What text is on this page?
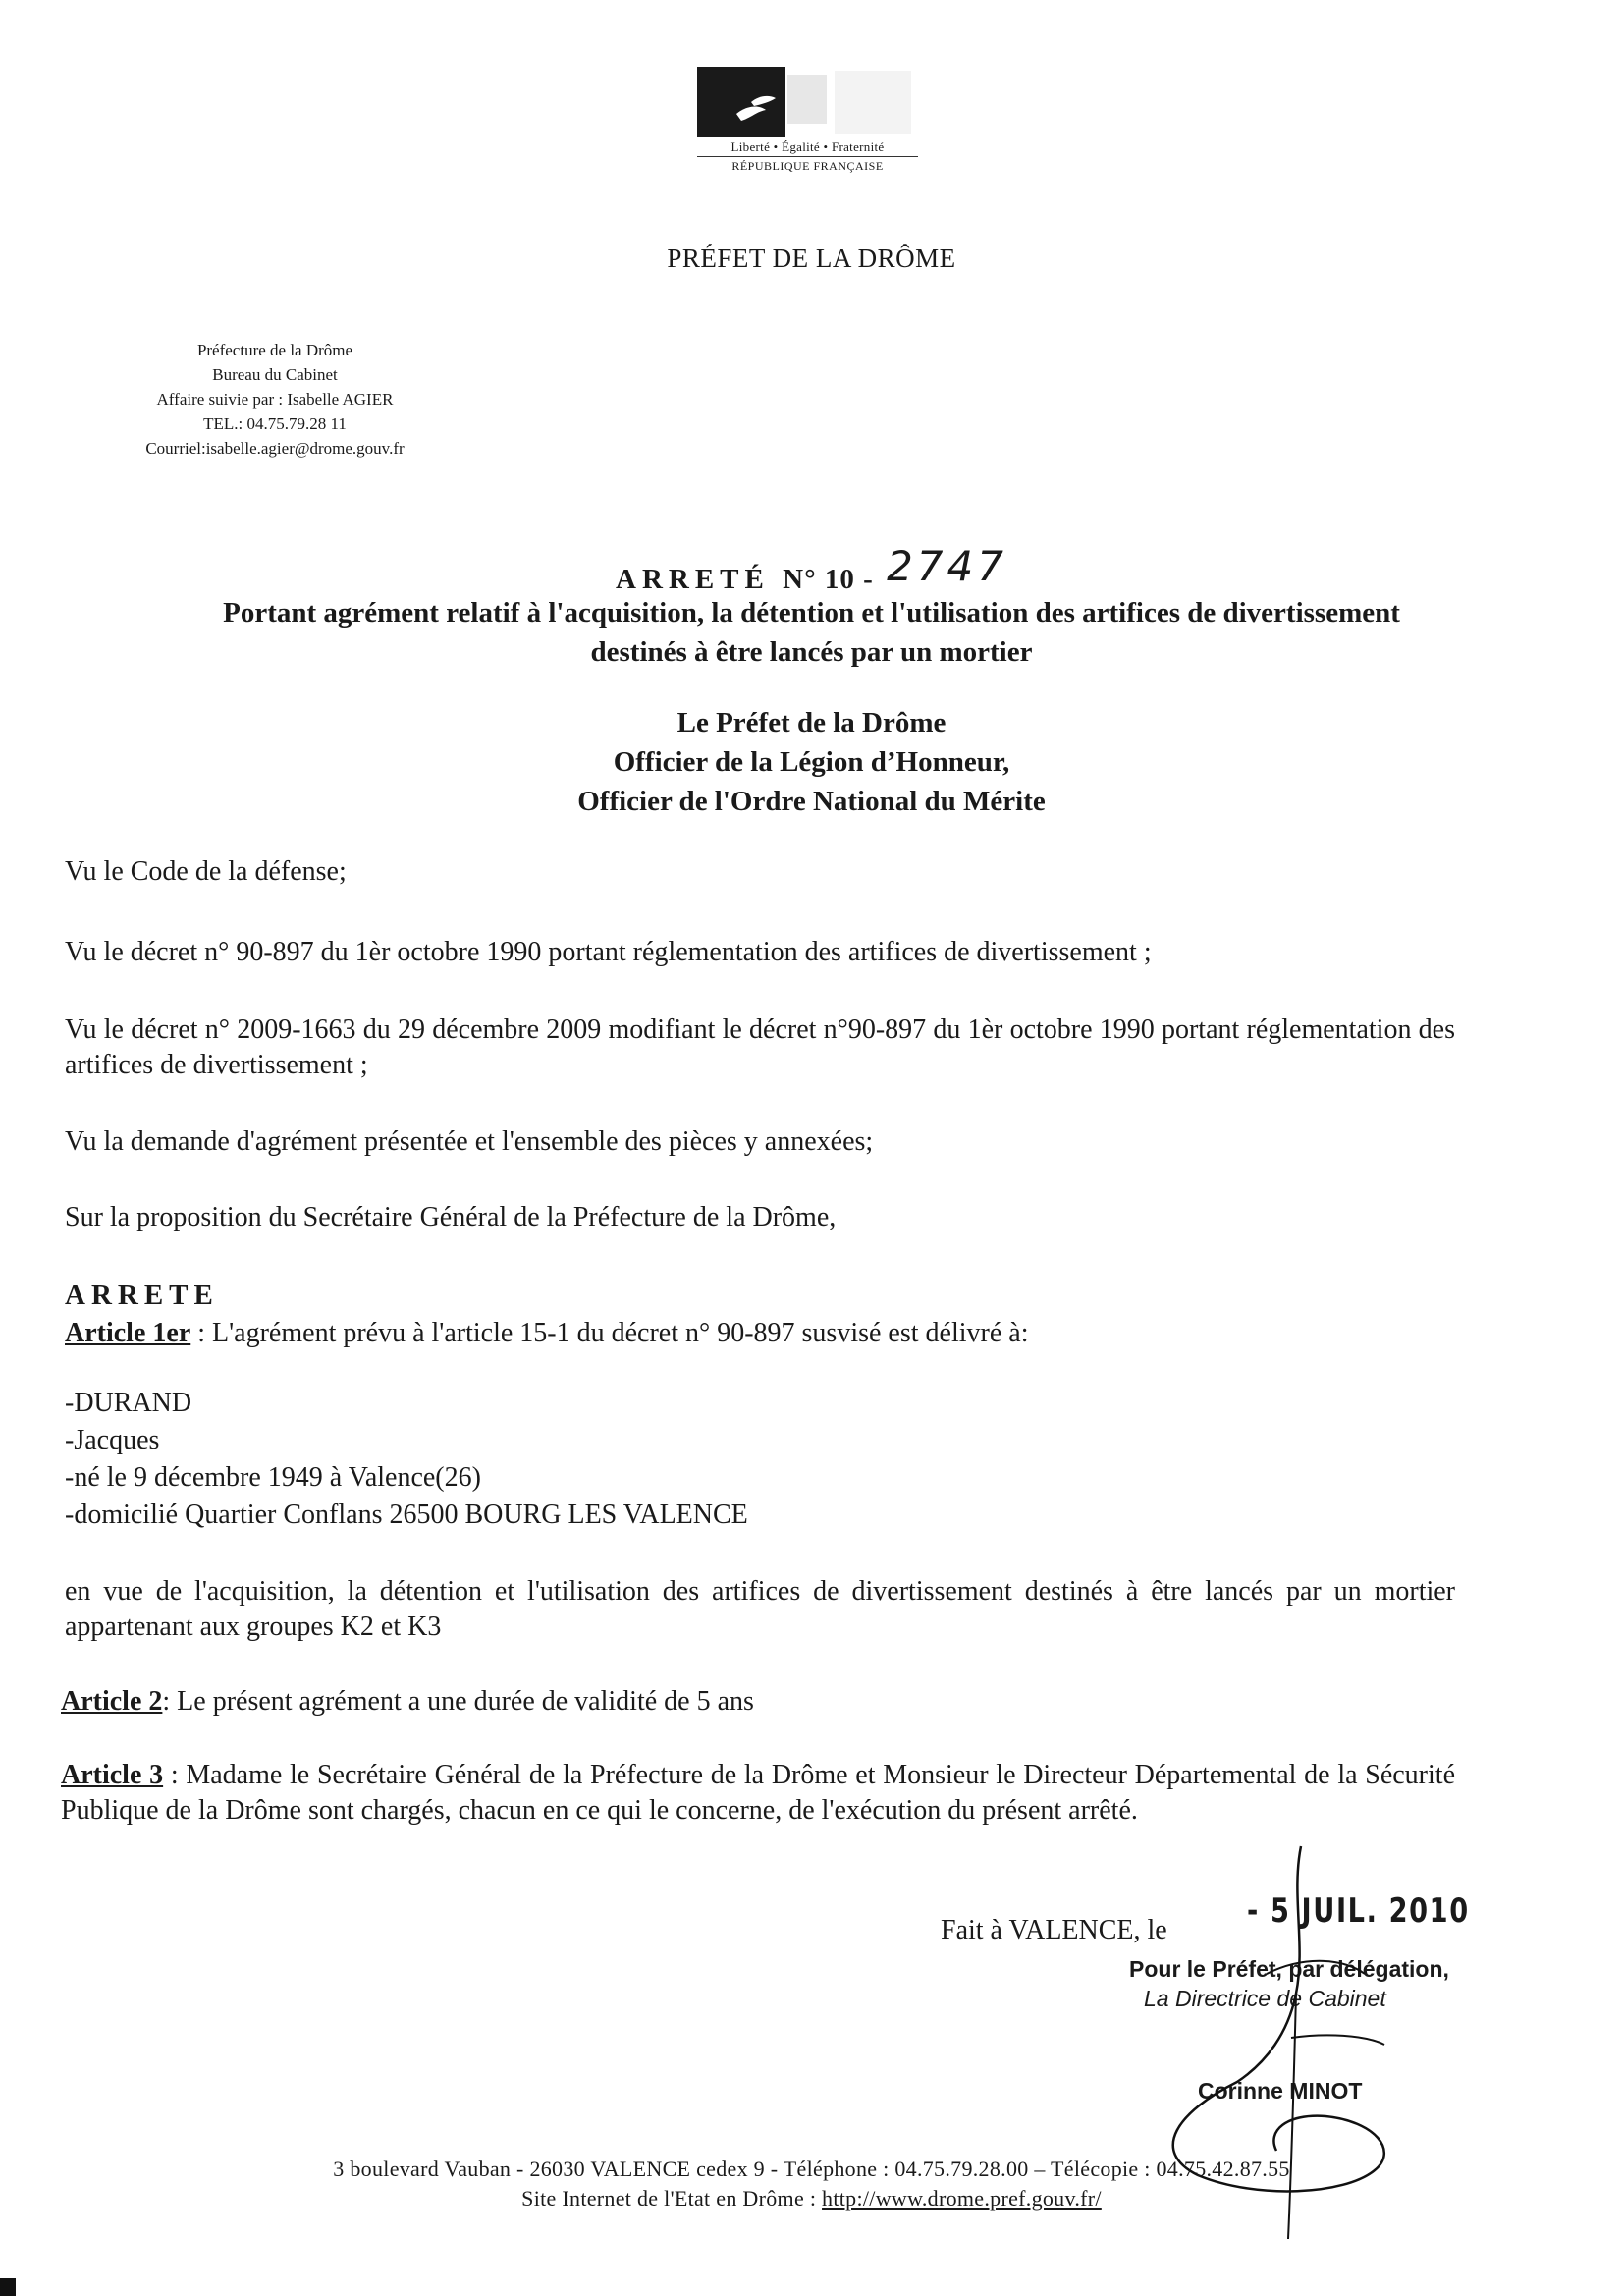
Liberté • Égalité • Fraternité
RÉPUBLIQUE FRANÇAISE
PRÉFET DE LA DRÔME
Préfecture de la Drôme
Bureau du Cabinet
Affaire suivie par : Isabelle AGIER
TEL.: 04.75.79.28 11
Courriel:isabelle.agier@drome.gouv.fr
ARRETÉ N° 10 - 2747
Portant agrément relatif à l'acquisition, la détention et l'utilisation des artifices de divertissement destinés à être lancés par un mortier
Le Préfet de la Drôme
Officier de la Légion d’Honneur,
Officier de l'Ordre National du Mérite
Vu le Code de la défense;
Vu le décret n° 90-897 du 1èr octobre 1990 portant réglementation des artifices de divertissement ;
Vu le décret n° 2009-1663 du 29 décembre 2009 modifiant le décret n°90-897 du 1èr octobre 1990 portant réglementation des artifices de divertissement ;
Vu la demande d'agrément présentée et l'ensemble des pièces y annexées;
Sur la proposition du Secrétaire Général de la Préfecture de la Drôme,
ARRETE
Article 1er : L'agrément prévu à l'article 15-1 du décret n° 90-897 susvisé est délivré à:
-DURAND
-Jacques
-né le 9 décembre 1949 à Valence(26)
-domicilié Quartier Conflans 26500 BOURG LES VALENCE
en vue de l'acquisition, la détention et l'utilisation des artifices de divertissement destinés à être lancés par un mortier appartenant aux groupes K2 et K3
Article 2: Le présent agrément a une durée de validité de 5 ans
Article 3 : Madame le Secrétaire Général de la Préfecture de la Drôme et Monsieur le Directeur Départemental de la Sécurité Publique de la Drôme sont chargés, chacun en ce qui le concerne, de l'exécution du présent arrêté.
Fait à VALENCE, le - 5 JUIL. 2010
Pour le Préfet, par délégation,
La Directrice de Cabinet
Corinne MINOT
3 boulevard Vauban - 26030 VALENCE cedex 9 - Téléphone : 04.75.79.28.00 – Télécopie : 04.75.42.87.55
Site Internet de l'Etat en Drôme : http://www.drome.pref.gouv.fr/
